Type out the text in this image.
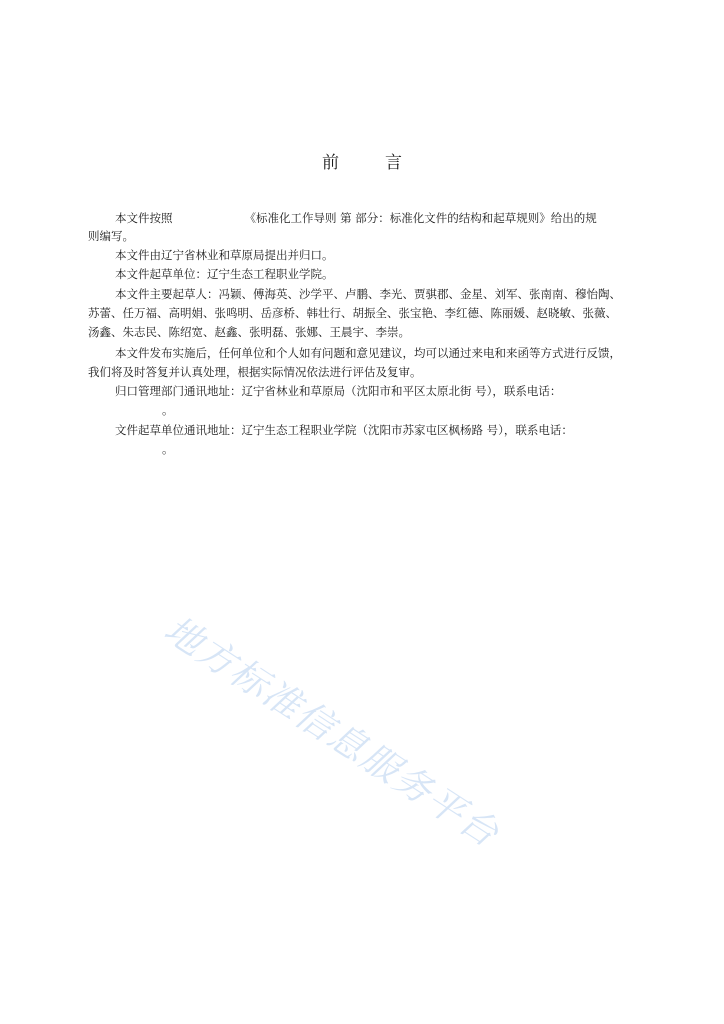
前	言
本文件按照	《标准化工作导则 第 部分：标准化文件的结构和起草规则》给出的规
则编写。
本文件由辽宁省林业和草原局提出并归口。
本文件起草单位：辽宁生态工程职业学院。
本文件主要起草人：冯颖、傅海英、沙学平、卢鹏、李光、贾骐郡、金星、刘军、张南南、穆怡陶、
苏蕾、任万福、高明娟、张鸣明、岳彦桥、韩壮行、胡振全、张宝艳、李红德、陈丽媛、赵晓敏、张薇、
汤鑫、朱志民、陈绍宽、赵鑫、张明磊、张娜、王晨宇、李崇。
本文件发布实施后，任何单位和个人如有问题和意见建议，均可以通过来电和来函等方式进行反馈，
我们将及时答复并认真处理，根据实际情况依法进行评估及复审。
归口管理部门通讯地址：辽宁省林业和草原局（沈阳市和平区太原北街 号），联系电话：
。
文件起草单位通讯地址：辽宁生态工程职业学院（沈阳市苏家屯区枫杨路 号），联系电话：
。
地方标准信息服务平台
